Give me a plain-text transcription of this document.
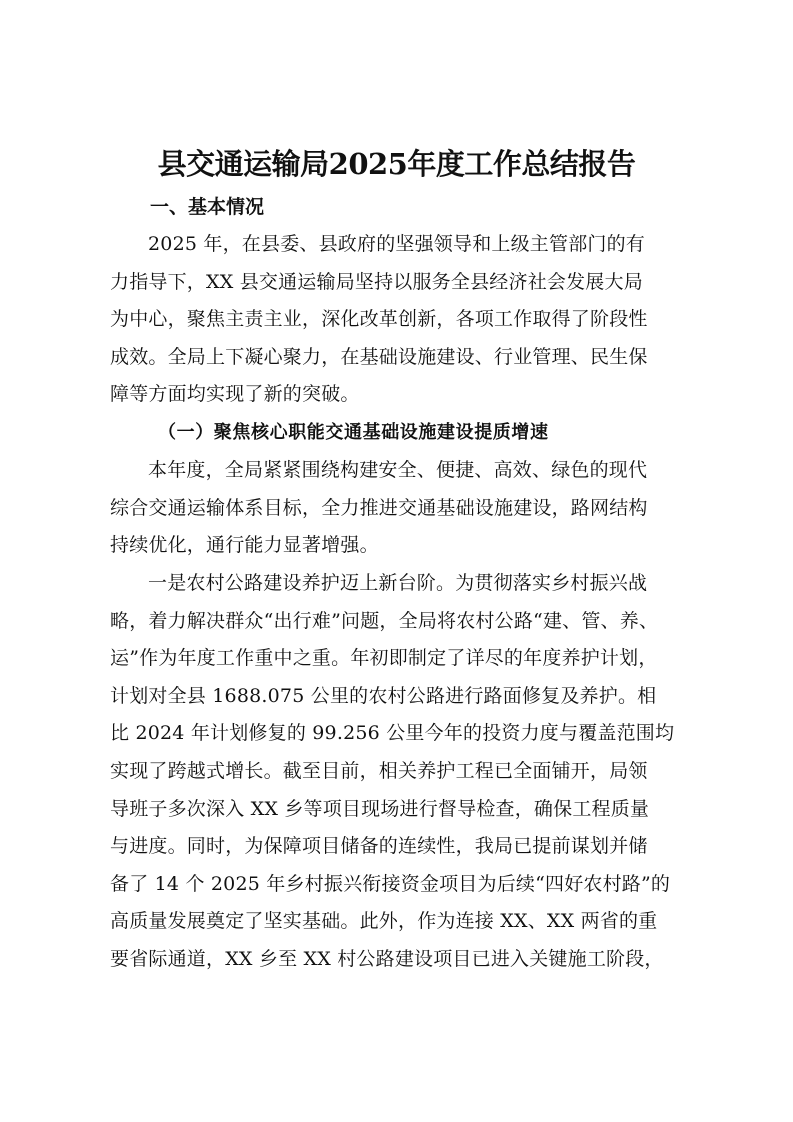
县交通运输局2025年度工作总结报告
一、基本情况
2025 年，在县委、县政府的坚强领导和上级主管部门的有
力指导下，XX 县交通运输局坚持以服务全县经济社会发展大局
为中心，聚焦主责主业，深化改革创新，各项工作取得了阶段性
成效。全局上下凝心聚力，在基础设施建设、行业管理、民生保
障等方面均实现了新的突破。
（一）聚焦核心职能交通基础设施建设提质增速
本年度，全局紧紧围绕构建安全、便捷、高效、绿色的现代
综合交通运输体系目标，全力推进交通基础设施建设，路网结构
持续优化，通行能力显著增强。
一是农村公路建设养护迈上新台阶。为贯彻落实乡村振兴战
略，着力解决群众“出行难”问题，全局将农村公路“建、管、养、
运”作为年度工作重中之重。年初即制定了详尽的年度养护计划，
计划对全县 1688.075 公里的农村公路进行路面修复及养护。相
比 2024 年计划修复的 99.256 公里今年的投资力度与覆盖范围均
实现了跨越式增长。截至目前，相关养护工程已全面铺开，局领
导班子多次深入 XX 乡等项目现场进行督导检查，确保工程质量
与进度。同时，为保障项目储备的连续性，我局已提前谋划并储
备了 14 个 2025 年乡村振兴衔接资金项目为后续“四好农村路”的
高质量发展奠定了坚实基础。此外，作为连接 XX、XX 两省的重
要省际通道，XX 乡至 XX 村公路建设项目已进入关键施工阶段，
